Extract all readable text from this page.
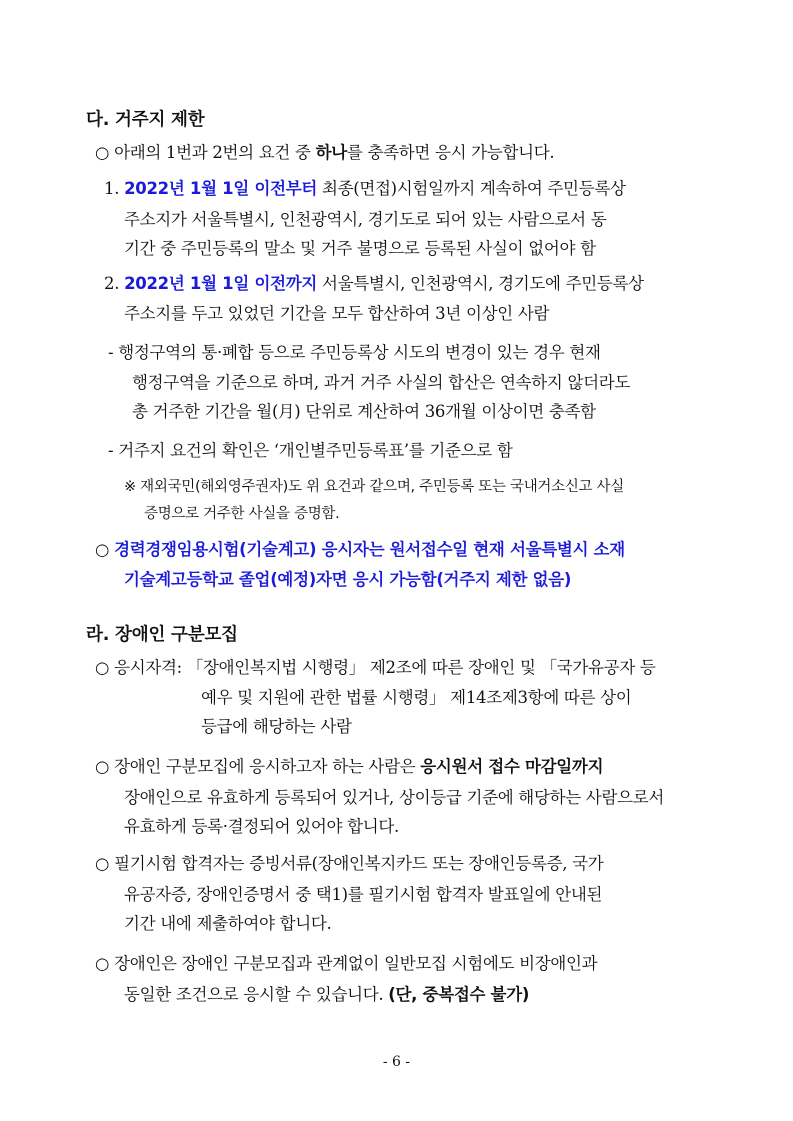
다. 거주지 제한
○ 아래의 1번과 2번의 요건 중 하나를 충족하면 응시 가능합니다.
1. 2022년 1월 1일 이전부터 최종(면접)시험일까지 계속하여 주민등록상
주소지가 서울특별시, 인천광역시, 경기도로 되어 있는 사람으로서 동
기간 중 주민등록의 말소 및 거주 불명으로 등록된 사실이 없어야 함
2. 2022년 1월 1일 이전까지 서울특별시, 인천광역시, 경기도에 주민등록상
주소지를 두고 있었던 기간을 모두 합산하여 3년 이상인 사람
- 행정구역의 통·폐합 등으로 주민등록상 시도의 변경이 있는 경우 현재
행정구역을 기준으로 하며, 과거 거주 사실의 합산은 연속하지 않더라도
총 거주한 기간을 월(月) 단위로 계산하여 36개월 이상이면 충족함
- 거주지 요건의 확인은 ‘개인별주민등록표’를 기준으로 함
※ 재외국민(해외영주권자)도 위 요건과 같으며, 주민등록 또는 국내거소신고 사실
증명으로 거주한 사실을 증명함.
○ 경력경쟁임용시험(기술계고) 응시자는 원서접수일 현재 서울특별시 소재
기술계고등학교 졸업(예정)자면 응시 가능함(거주지 제한 없음)
라. 장애인 구분모집
○ 응시자격: 「장애인복지법 시행령」 제2조에 따른 장애인 및 「국가유공자 등
예우 및 지원에 관한 법률 시행령」 제14조제3항에 따른 상이
등급에 해당하는 사람
○ 장애인 구분모집에 응시하고자 하는 사람은 응시원서 접수 마감일까지
장애인으로 유효하게 등록되어 있거나, 상이등급 기준에 해당하는 사람으로서
유효하게 등록·결정되어 있어야 합니다.
○ 필기시험 합격자는 증빙서류(장애인복지카드 또는 장애인등록증, 국가
유공자증, 장애인증명서 중 택1)를 필기시험 합격자 발표일에 안내된
기간 내에 제출하여야 합니다.
○ 장애인은 장애인 구분모집과 관계없이 일반모집 시험에도 비장애인과
동일한 조건으로 응시할 수 있습니다. (단, 중복접수 불가)
- 6 -
